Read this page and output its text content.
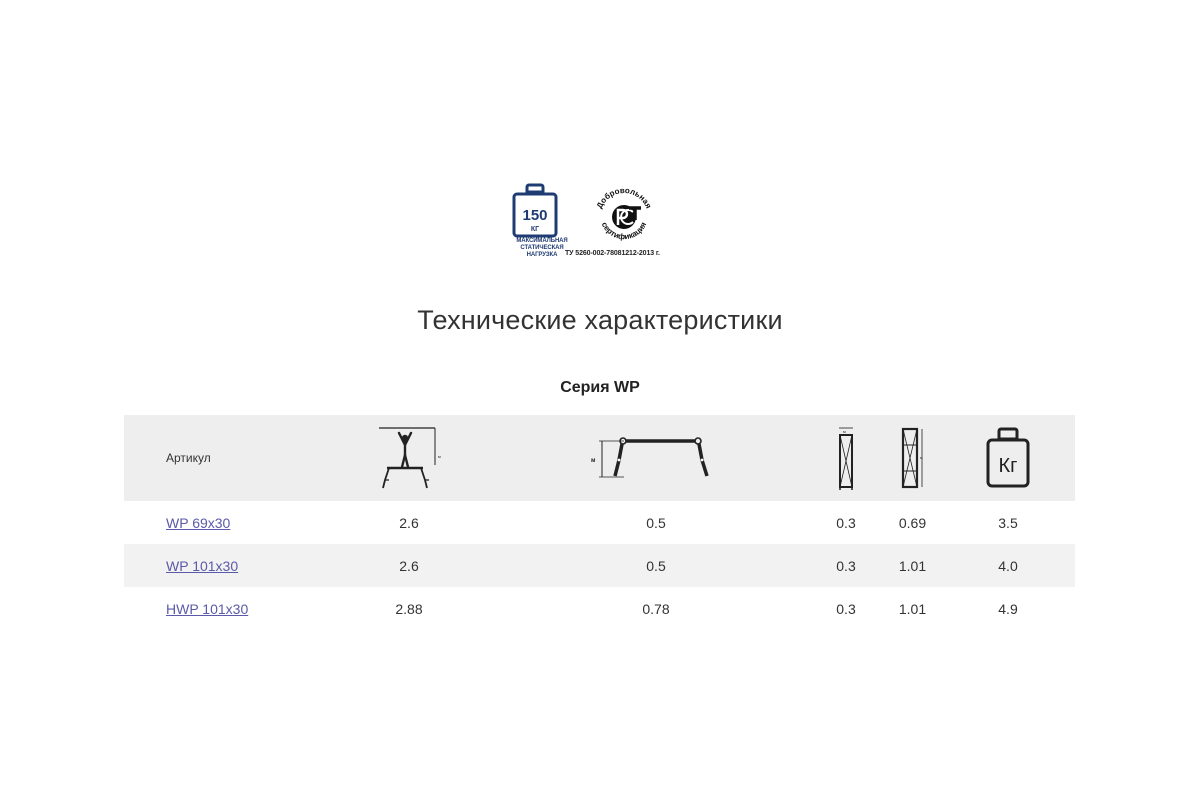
150
КГ
МАКСИМАЛЬНАЯ
СТАТИЧЕСКАЯ
НАГРУЗКА
Добровольная
сертификация
ТУ 5260-002-78081212-2013 г.
Технические характеристики
Серия WP
Артикул	м	м	м	м	Кг

WP 69x30	2.6	0.5	0.3	0.69	3.5
WP 101x30	2.6	0.5	0.3	1.01	4.0
HWP 101x30	2.88	0.78	0.3	1.01	4.9
